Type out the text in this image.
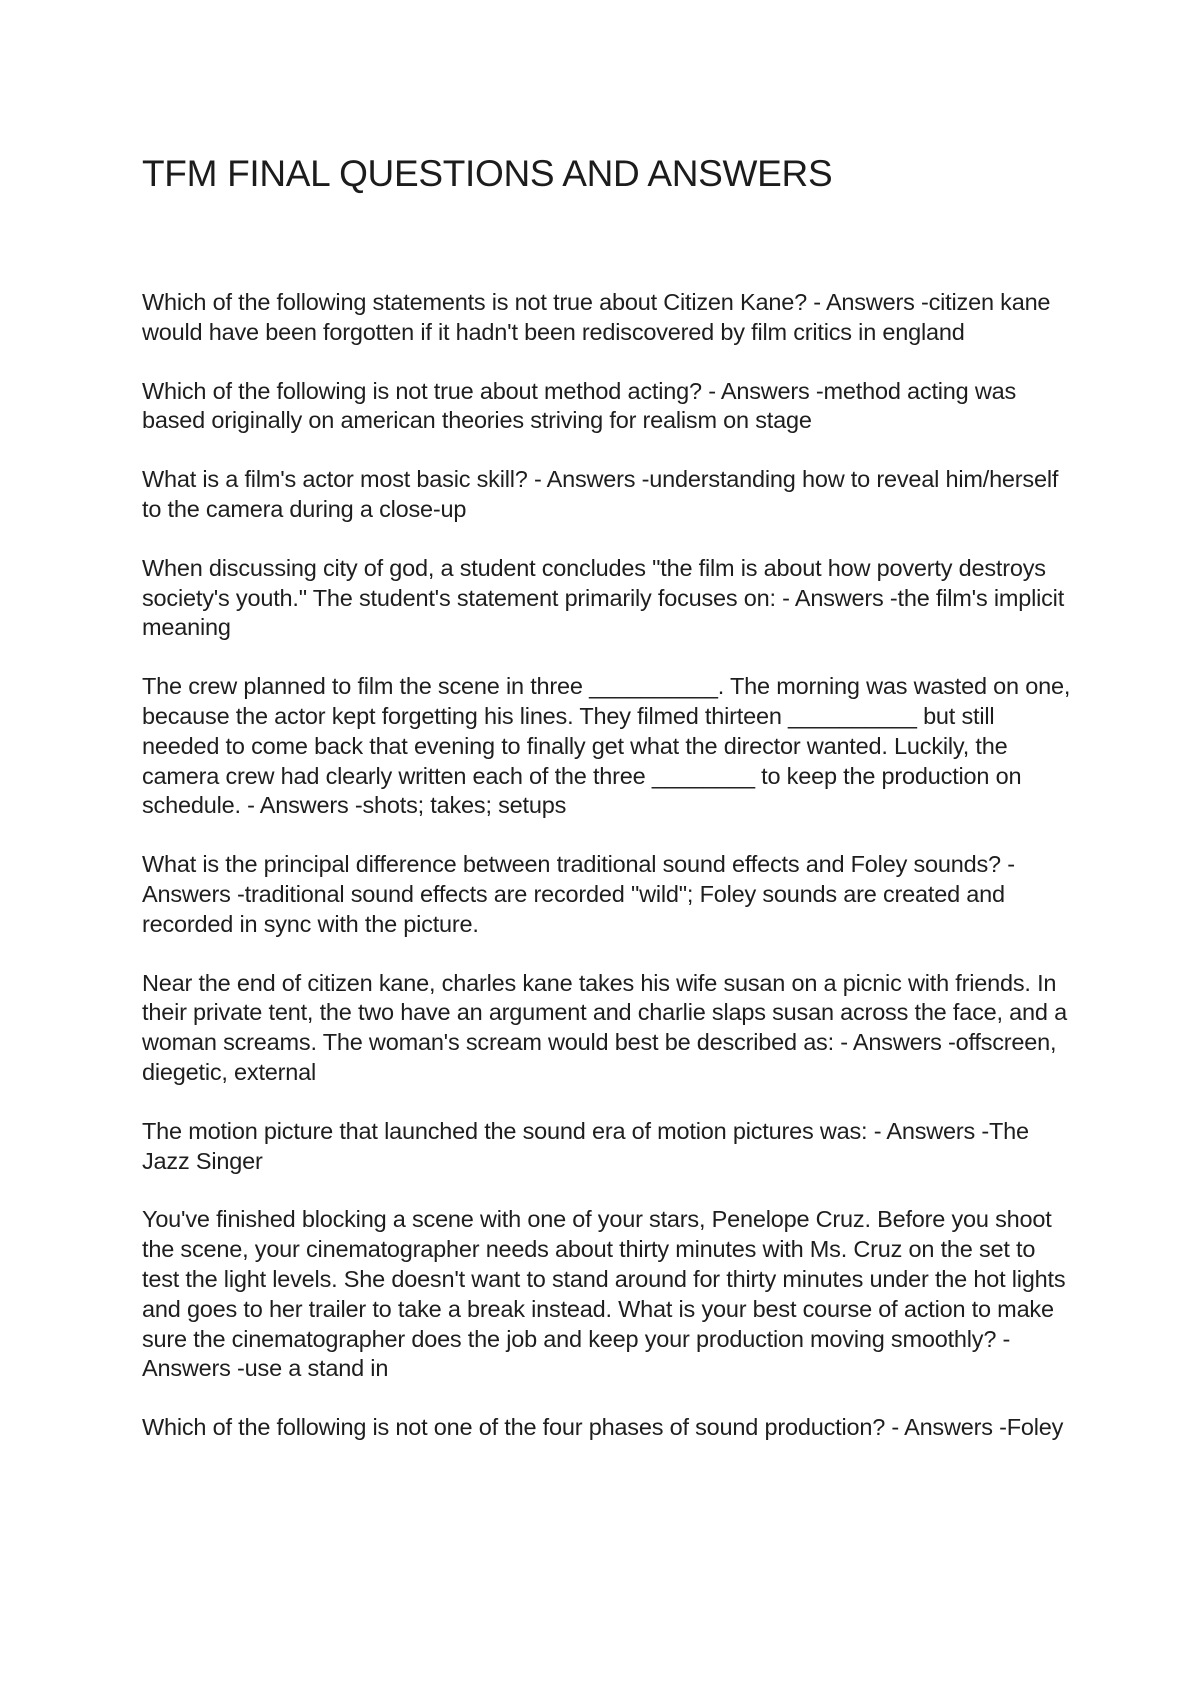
TFM FINAL QUESTIONS AND ANSWERS

Which of the following statements is not true about Citizen Kane? - Answers -citizen kane would have been forgotten if it hadn't been rediscovered by film critics in england

Which of the following is not true about method acting? - Answers -method acting was based originally on american theories striving for realism on stage

What is a film's actor most basic skill? - Answers -understanding how to reveal him/herself to the camera during a close-up

When discussing city of god, a student concludes "the film is about how poverty destroys society's youth." The student's statement primarily focuses on: - Answers -the film's implicit meaning

The crew planned to film the scene in three __________. The morning was wasted on one, because the actor kept forgetting his lines. They filmed thirteen __________ but still needed to come back that evening to finally get what the director wanted. Luckily, the camera crew had clearly written each of the three ________ to keep the production on schedule. - Answers -shots; takes; setups

What is the principal difference between traditional sound effects and Foley sounds? - Answers -traditional sound effects are recorded "wild"; Foley sounds are created and recorded in sync with the picture.

Near the end of citizen kane, charles kane takes his wife susan on a picnic with friends. In their private tent, the two have an argument and charlie slaps susan across the face, and a woman screams. The woman's scream would best be described as: - Answers -offscreen, diegetic, external

The motion picture that launched the sound era of motion pictures was: - Answers -The Jazz Singer

You've finished blocking a scene with one of your stars, Penelope Cruz. Before you shoot the scene, your cinematographer needs about thirty minutes with Ms. Cruz on the set to test the light levels. She doesn't want to stand around for thirty minutes under the hot lights and goes to her trailer to take a break instead. What is your best course of action to make sure the cinematographer does the job and keep your production moving smoothly? - Answers -use a stand in

Which of the following is not one of the four phases of sound production? - Answers -Foley
